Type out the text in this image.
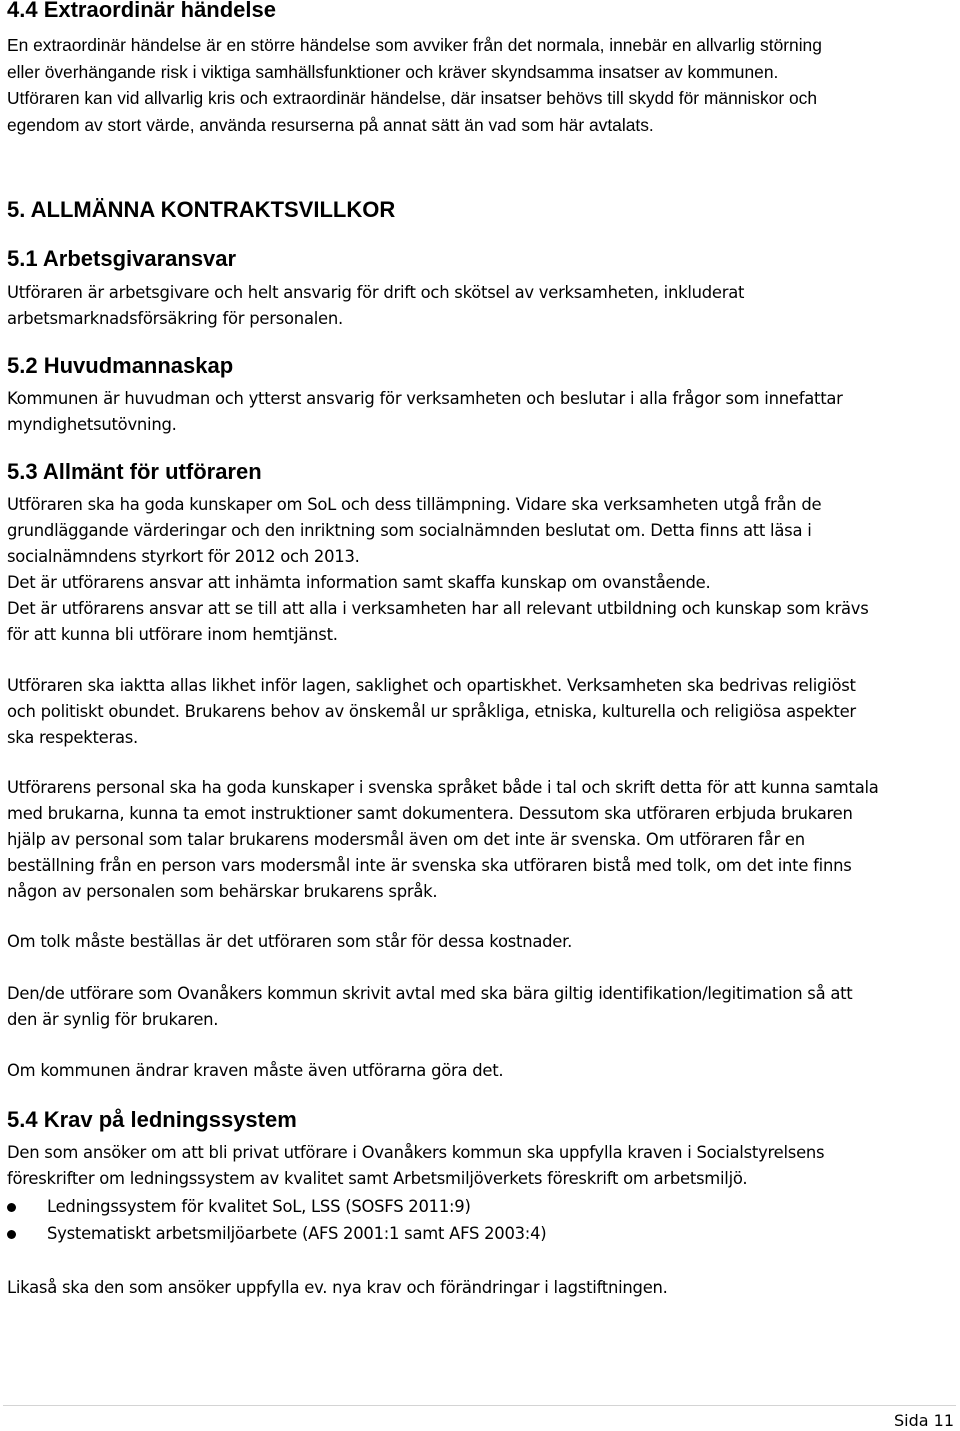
4.4 Extraordinär händelse
En extraordinär händelse är en större händelse som avviker från det normala, innebär en allvarlig störning
eller överhängande risk i viktiga samhällsfunktioner och kräver skyndsamma insatser av kommunen.
Utföraren kan vid allvarlig kris och extraordinär händelse, där insatser behövs till skydd för människor och
egendom av stort värde, använda resurserna på annat sätt än vad som här avtalats.
5. ALLMÄNNA KONTRAKTSVILLKOR
5.1 Arbetsgivaransvar
Utföraren är arbetsgivare och helt ansvarig för drift och skötsel av verksamheten, inkluderat
arbetsmarknadsförsäkring för personalen.
5.2 Huvudmannaskap
Kommunen är huvudman och ytterst ansvarig för verksamheten och beslutar i alla frågor som innefattar
myndighetsutövning.
5.3 Allmänt för utföraren
Utföraren ska ha goda kunskaper om SoL och dess tillämpning. Vidare ska verksamheten utgå från de
grundläggande värderingar och den inriktning som socialnämnden beslutat om. Detta finns att läsa i
socialnämndens styrkort för 2012 och 2013.
Det är utförarens ansvar att inhämta information samt skaffa kunskap om ovanstående.
Det är utförarens ansvar att se till att alla i verksamheten har all relevant utbildning och kunskap som krävs
för att kunna bli utförare inom hemtjänst.
Utföraren ska iaktta allas likhet inför lagen, saklighet och opartiskhet. Verksamheten ska bedrivas religiöst
och politiskt obundet. Brukarens behov av önskemål ur språkliga, etniska, kulturella och religiösa aspekter
ska respekteras.
Utförarens personal ska ha goda kunskaper i svenska språket både i tal och skrift detta för att kunna samtala
med brukarna, kunna ta emot instruktioner samt dokumentera. Dessutom ska utföraren erbjuda brukaren
hjälp av personal som talar brukarens modersmål även om det inte är svenska. Om utföraren får en
beställning från en person vars modersmål inte är svenska ska utföraren bistå med tolk, om det inte finns
någon av personalen som behärskar brukarens språk.
Om tolk måste beställas är det utföraren som står för dessa kostnader.
Den/de utförare som Ovanåkers kommun skrivit avtal med ska bära giltig identifikation/legitimation så att
den är synlig för brukaren.
Om kommunen ändrar kraven måste även utförarna göra det.
5.4 Krav på ledningssystem
Den som ansöker om att bli privat utförare i Ovanåkers kommun ska uppfylla kraven i Socialstyrelsens
föreskrifter om ledningssystem av kvalitet samt Arbetsmiljöverkets föreskrift om arbetsmiljö.
Ledningssystem för kvalitet SoL, LSS (SOSFS 2011:9)
Systematiskt arbetsmiljöarbete (AFS 2001:1 samt AFS 2003:4)
Likaså ska den som ansöker uppfylla ev. nya krav och förändringar i lagstiftningen.
Sida 11
